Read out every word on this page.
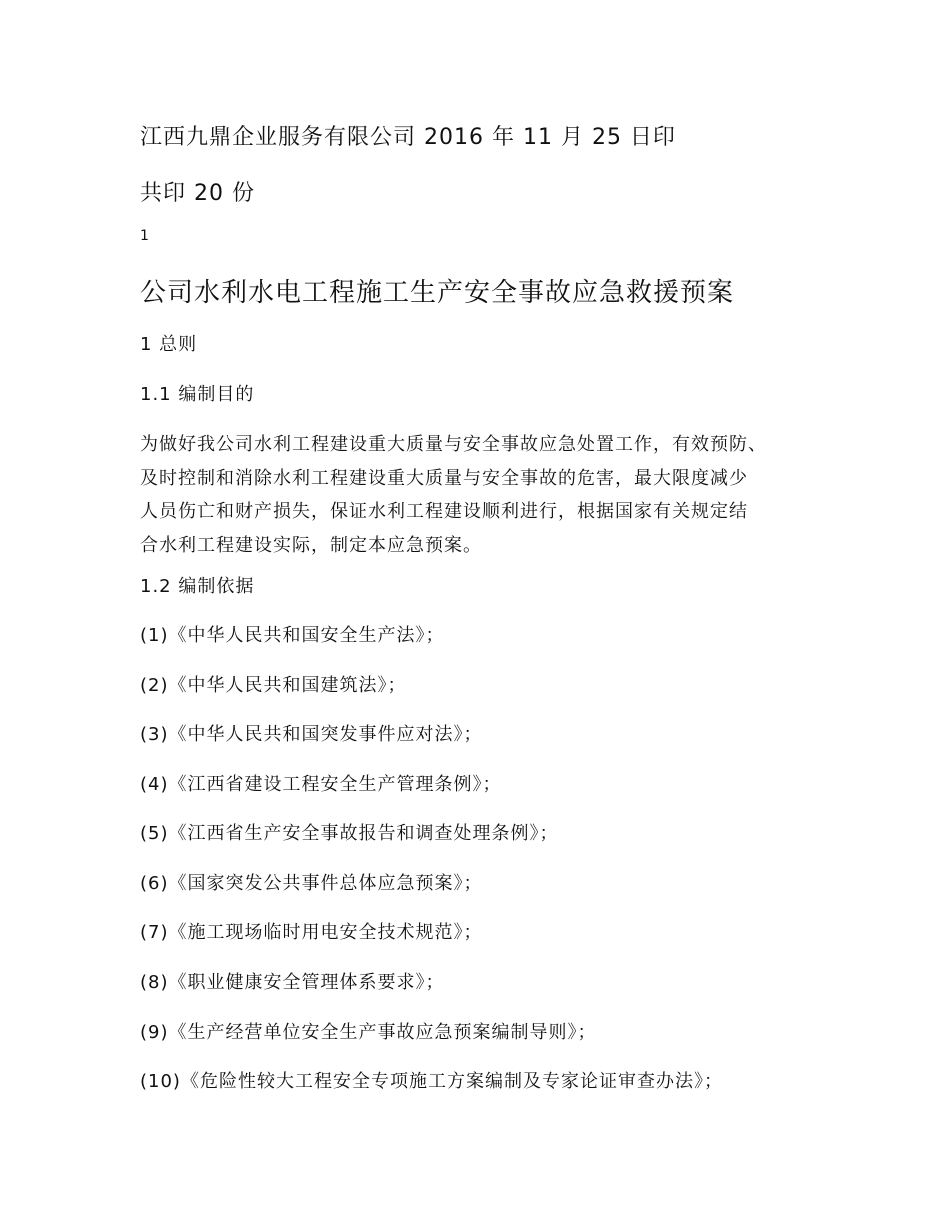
江西九鼎企业服务有限公司 2016 年 11 月 25 日印
共印 20 份
1
公司水利水电工程施工生产安全事故应急救援预案
1 总则
1.1 编制目的
为做好我公司水利工程建设重大质量与安全事故应急处置工作，有效预防、
及时控制和消除水利工程建设重大质量与安全事故的危害，最大限度减少
人员伤亡和财产损失，保证水利工程建设顺利进行，根据国家有关规定结
合水利工程建设实际，制定本应急预案。
1.2 编制依据
(1)《中华人民共和国安全生产法》；
(2)《中华人民共和国建筑法》；
(3)《中华人民共和国突发事件应对法》；
(4)《江西省建设工程安全生产管理条例》；
(5)《江西省生产安全事故报告和调查处理条例》；
(6)《国家突发公共事件总体应急预案》；
(7)《施工现场临时用电安全技术规范》；
(8)《职业健康安全管理体系要求》；
(9)《生产经营单位安全生产事故应急预案编制导则》；
(10)《危险性较大工程安全专项施工方案编制及专家论证审查办法》；
